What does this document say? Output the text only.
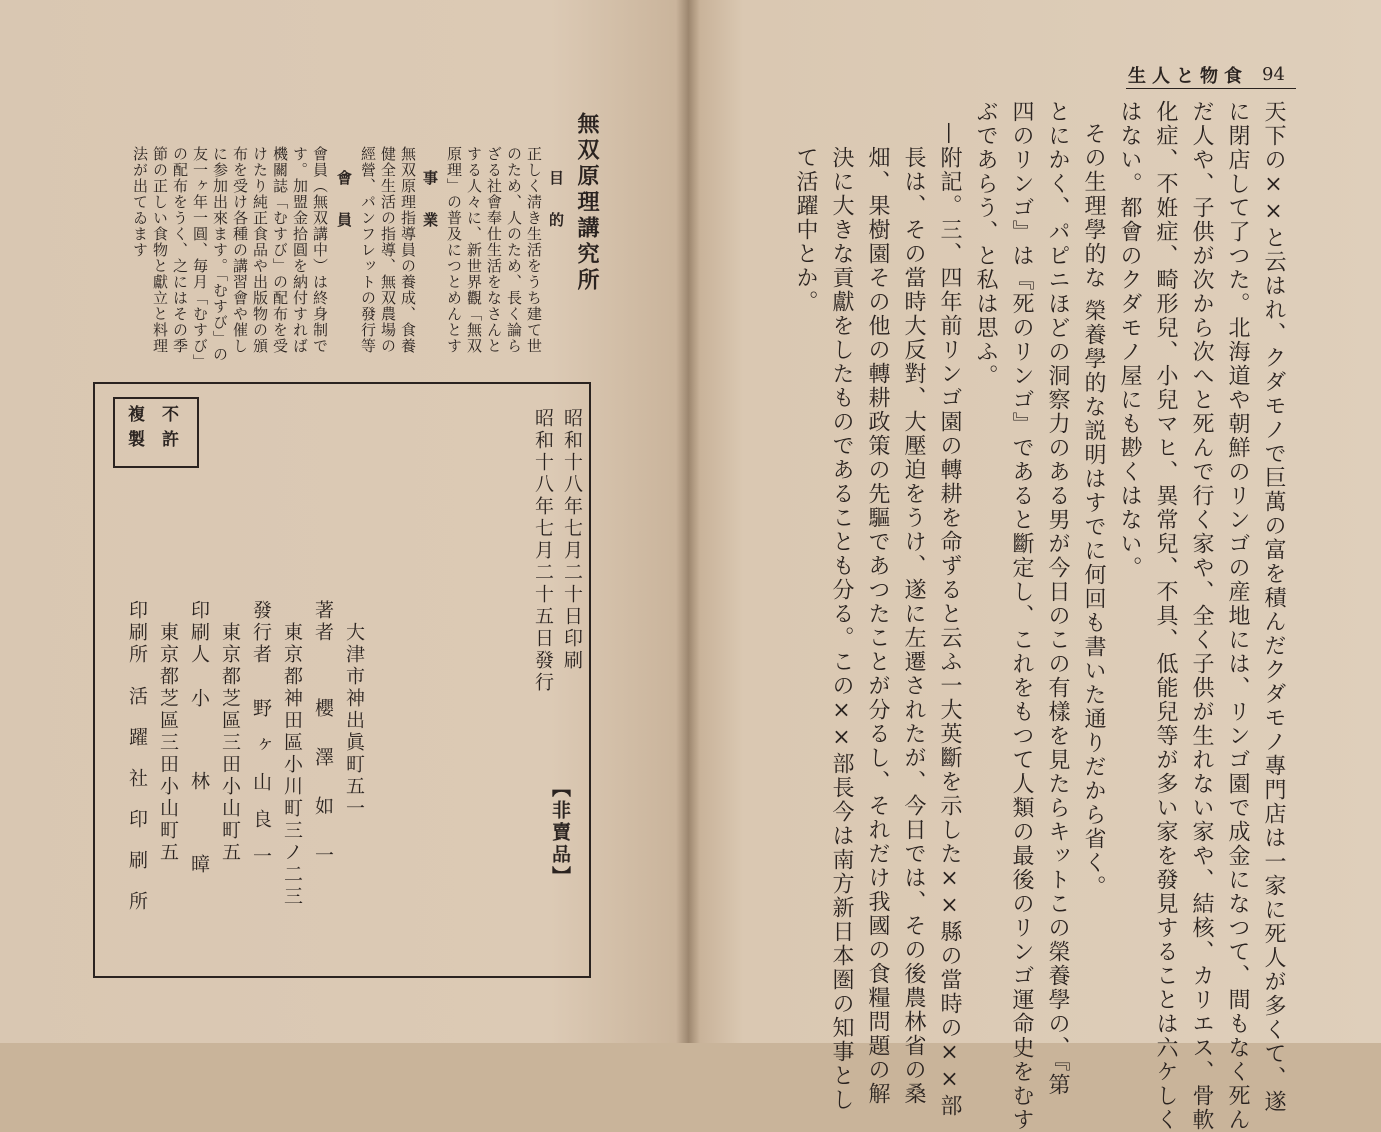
生人と物食 94
天下の××と云はれ、クダモノで巨萬の富を積んだクダモノ專門店は一家に死人が多くて、遂
に閉店して了つた。北海道や朝鮮のリンゴの産地には、リンゴ園で成金になつて、間もなく死ん
だ人や、子供が次から次へと死んで行く家や、全く子供が生れない家や、結核、カリエス、骨軟
化症、不姙症、畸形兒、小兒マヒ、異常兒、不具、低能兒等が多い家を發見することは六ケしく
はない。都會のクダモノ屋にも尠くはない。
その生理學的な 榮養學的な説明はすでに何回も書いた通りだから省く。
とにかく、パピニほどの洞察力のある男が今日のこの有樣を見たらキットこの榮養學の、『第
四のリンゴ』は『死のリンゴ』であると斷定し、これをもつて人類の最後のリンゴ運命史をむす
ぶであらう、と私は思ふ。
—附記。三、四年前リンゴ園の轉耕を命ずると云ふ一大英斷を示した××縣の當時の××部
長は、その當時大反對、大壓迫をうけ、遂に左遷されたが、今日では、その後農林省の桑
畑、果樹園その他の轉耕政策の先驅であつたことが分るし、それだけ我國の食糧問題の解
決に大きな貢獻をしたものであることも分る。この××部長今は南方新日本圏の知事とし
て活躍中とか。
無双原理講究所
目　的
正しく淸き生活をうち建て世
のため、人のため、長く論ら
ざる社會奉仕生活をなさんと
する人々に、新世界觀「無双
原理」の普及につとめんとす
事　業
無双原理指導員の養成、食養
健全生活の指導、無双農場の
經營、パンフレットの發行等
會　員
會員（無双講中）は終身制で
す。加盟金拾圓を納付すれば
機關誌「むすび」の配布を受
けたり純正食品や出版物の頒
布を受け各種の講習會や催し
に参加出來ます。「むすび」の
友一ヶ年一圓、毎月「むすび」
の配布をうく、之にはその季
節の正しい食物と獻立と料理
法が出てゐます
不許
複製	昭和十八年七月二十日印刷
昭和十八年七月二十五日發行
【非賣品】
大津市神出眞町五一
著者
櫻澤如一
東京都神田區小川町三ノ二三
發行者
野ヶ山良一
東京都芝區三田小山町五
印刷人
小林暲
東京都芝區三田小山町五
印刷所
活躍社印刷所
